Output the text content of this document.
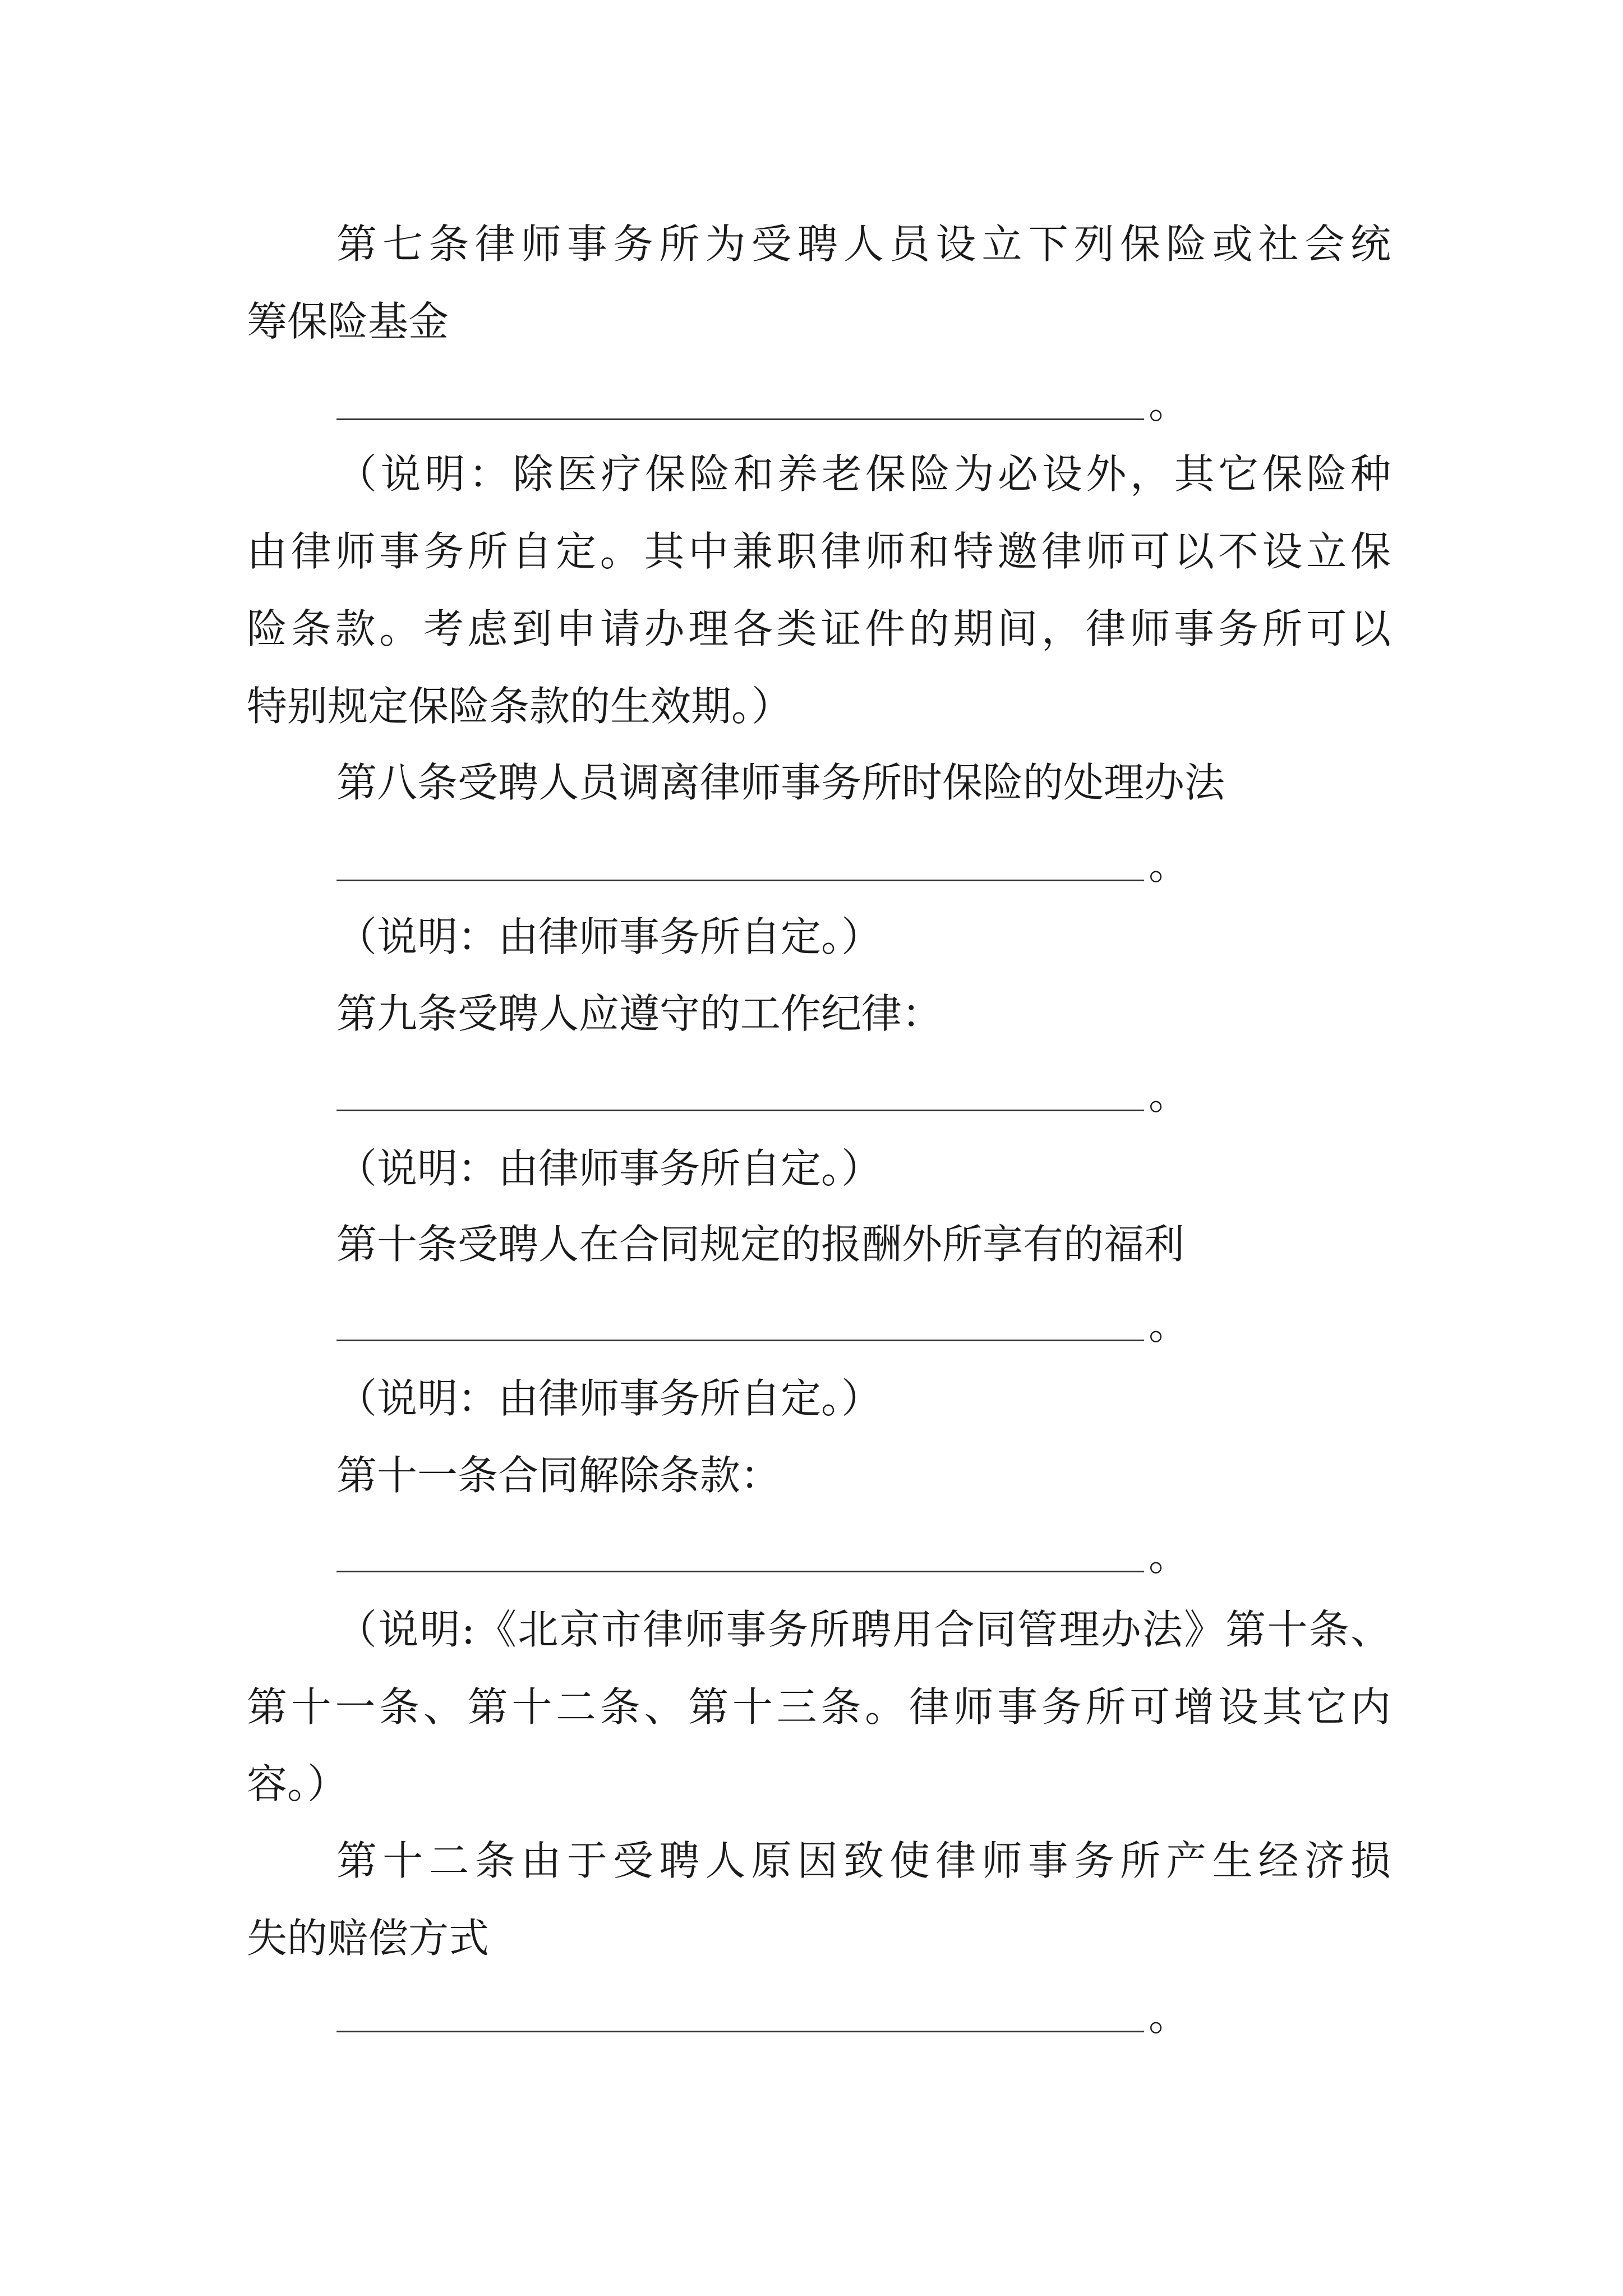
第七条律师事务所为受聘人员设立下列保险或社会统
筹保险基金
。
（说明：除医疗保险和养老保险为必设外，其它保险种
由律师事务所自定。其中兼职律师和特邀律师可以不设立保
险条款。考虑到申请办理各类证件的期间，律师事务所可以
特别规定保险条款的生效期。）
第八条受聘人员调离律师事务所时保险的处理办法
。
（说明：由律师事务所自定。）
第九条受聘人应遵守的工作纪律：
。
（说明：由律师事务所自定。）
第十条受聘人在合同规定的报酬外所享有的福利
。
（说明：由律师事务所自定。）
第十一条合同解除条款：
。
（说明:《北京市律师事务所聘用合同管理办法》第十条、
第十一条、第十二条、第十三条。律师事务所可增设其它内
容。）
第十二条由于受聘人原因致使律师事务所产生经济损
失的赔偿方式
。
